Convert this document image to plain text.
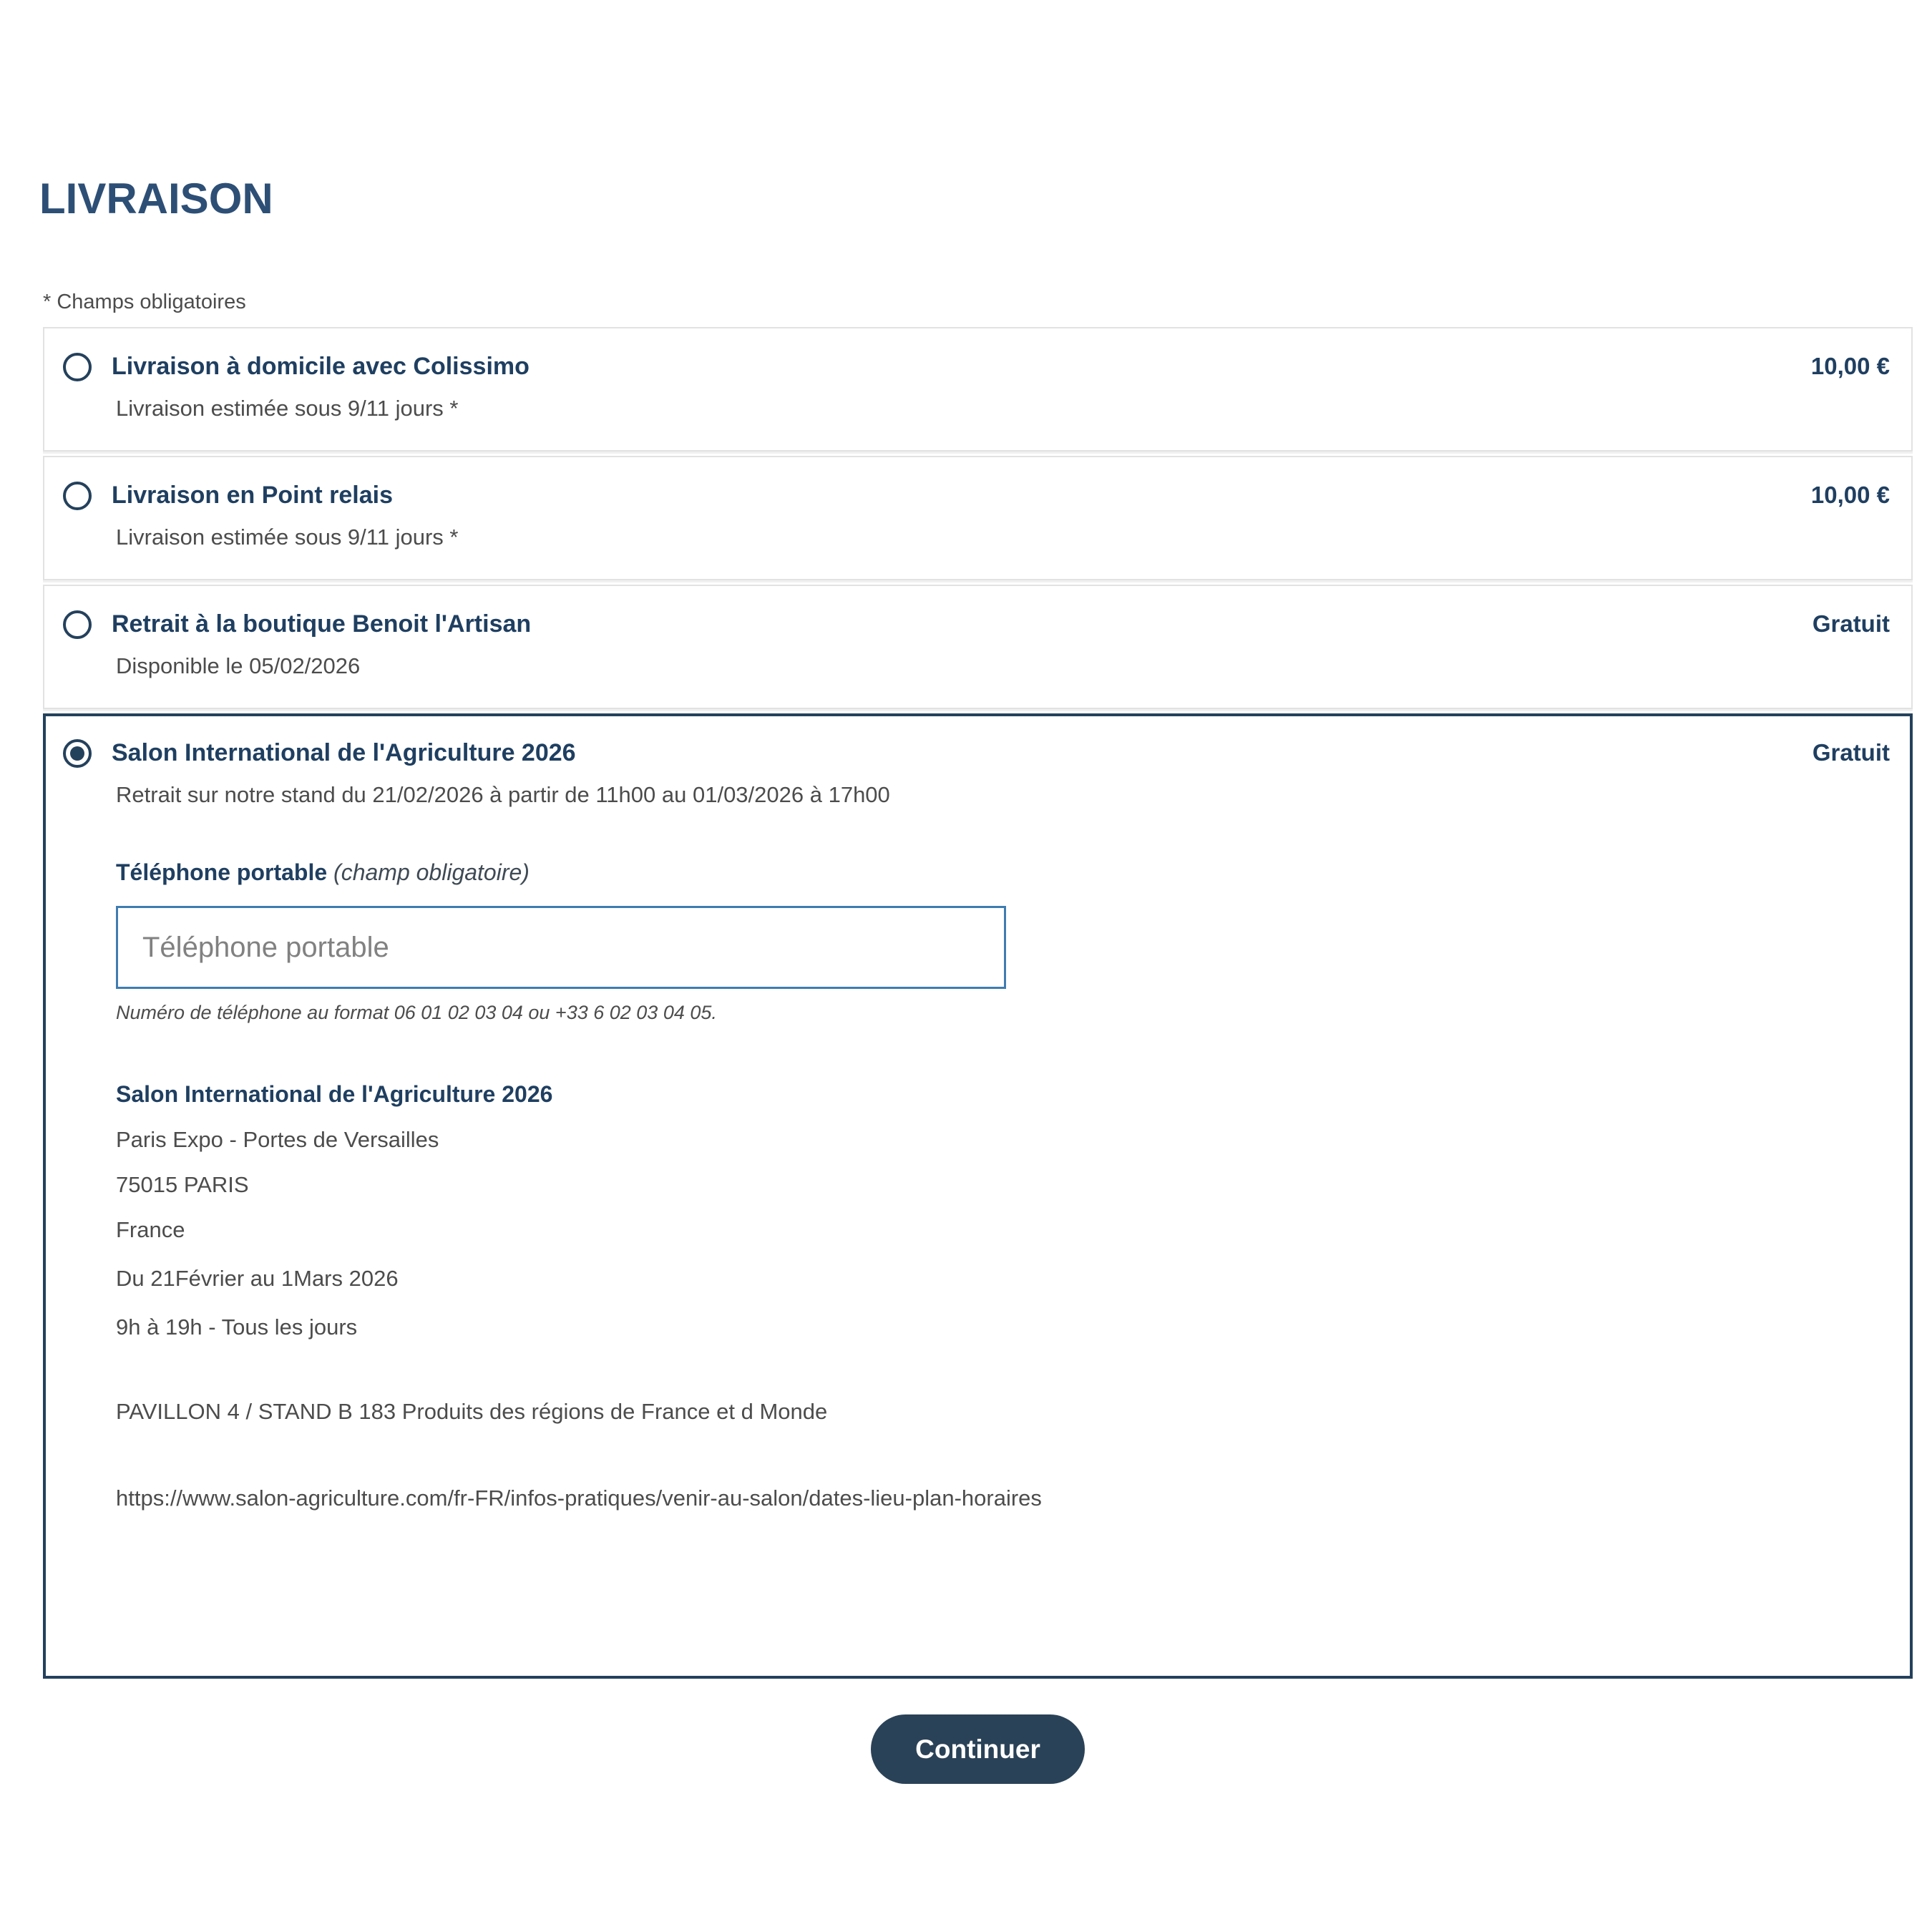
LIVRAISON
* Champs obligatoires
Livraison à domicile avec Colissimo	10,00 €
Livraison estimée sous 9/11 jours *
Livraison en Point relais	10,00 €
Livraison estimée sous 9/11 jours *
Retrait à la boutique Benoit l'Artisan	Gratuit
Disponible le 05/02/2026
Salon International de l'Agriculture 2026	Gratuit
Retrait sur notre stand du 21/02/2026 à partir de 11h00 au 01/03/2026 à 17h00
Téléphone portable (champ obligatoire)
Téléphone portable
Numéro de téléphone au format 06 01 02 03 04 ou +33 6 02 03 04 05.
Salon International de l'Agriculture 2026
Paris Expo - Portes de Versailles
75015 PARIS
France
Du 21Février au 1Mars 2026
9h à 19h - Tous les jours
PAVILLON 4 / STAND B 183 Produits des régions de France et d Monde
https://www.salon-agriculture.com/fr-FR/infos-pratiques/venir-au-salon/dates-lieu-plan-horaires
Continuer
